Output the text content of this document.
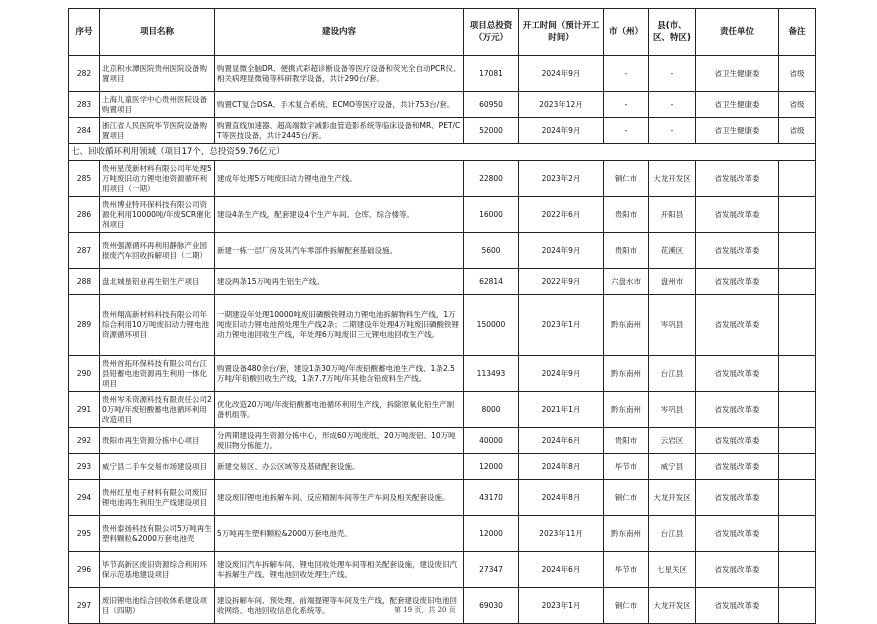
序号	项目名称	建设内容	项目总投资（万元）	开工时间（预计开工时间）	市（州）	县(市、区、特区)	责任单位	备注
282	北京积水潭医院贵州医院设备购置项目	购置显微全脑DR、便携式彩超诊断设备等医疗设备和荧光全自动PCR仪、相关病理显微镜等科研教学设备，共计290台/套。	17081	2024年9月	-	-	省卫生健康委	省级
283	上海儿童医学中心贵州医院设备购置项目	购置CT复合DSA、手术复合系统、ECMO等医疗设备，共计753台/套。	60950	2023年12月	-	-	省卫生健康委	省级
284	浙江省人民医院毕节医院设备购置项目	购置直线加速器、超高端数字减影血管造影系统等临床设备和MR、PET/CT等医技设备，共计2445台/套。	52000	2024年9月	-	-	省卫生健康委	省级
七、回收循环利用领域（项目17个，总投资59.76亿元）								
285	贵州星茂新材料有限公司年处理5万吨废旧动力锂电池资源循环利用项目（一期）	建成年处理5万吨废旧动力锂电池生产线。	22800	2023年2月	铜仁市	大龙开发区	省发展改革委	
286	贵州博业特环保科技有限公司资源化利用10000吨/年废SCR催化剂项目	建设4条生产线，配套建设4个生产车间、仓库、综合楼等。	16000	2022年6月	贵阳市	开阳县	省发展改革委	
287	贵州强源循环再利用静脉产业园报废汽车回收拆解项目（二期）	新建一栋一层厂房及其汽车零部件拆解配套基础设施。	5600	2024年9月	贵阳市	花溪区	省发展改革委	
288	盘北城垦铝业再生铝生产项目	建设两条15万吨再生铝生产线。	62814	2022年9月	六盘水市	盘州市	省发展改革委	
289	贵州翔高新材料科技有限公司年综合利用10万吨废旧动力锂电池资源循环项目	一期建设年处理10000吨废旧磷酸铁锂动力锂电池拆解物料生产线，1万吨废旧动力锂电池预处理生产线2条；二期建设年处理4万吨废旧磷酸铁锂动力锂电池回收生产线，年处理6万吨废旧三元锂电池回收生产线。	150000	2023年1月	黔东南州	岑巩县	省发展改革委	
290	贵州首拓环保科技有限公司台江县铅蓄电池资源再生利用一体化项目	购置设备480余台/套，建设1条30万吨/年废铅酸蓄电池生产线、1条2.5万吨/年铅酸回收生产线，1条7.7万吨/年其他含铅废料生产线。	113493	2024年9月	黔东南州	台江县	省发展改革委	
291	贵州岑禾资源科技有限责任公司20万吨/年废铅酸蓄电池循环利用改造项目	优化改造20万吨/年废铅酸蓄电池循环利用生产线，拆除原氧化铅生产制备机组等。	8000	2021年1月	黔东南州	岑巩县	省发展改革委	
292	贵阳市再生资源分拣中心项目	分两期建设再生资源分拣中心，形成60万吨废纸、20万吨废铝、10万吨废旧物分拣能力。	40000	2024年6月	贵阳市	云岩区	省发展改革委	
293	威宁县二手车交易市场建设项目	新建交易区、办公区域等及基础配套设施。	12000	2024年8月	毕节市	威宁县	省发展改革委	
294	贵州红星电子材料有限公司废旧锂电池再生利用生产线建设项目	建设废旧锂电池拆解车间、反应精制车间等生产车间及相关配套设施。	43170	2024年8月	铜仁市	大龙开发区	省发展改革委	
295	贵州泰扬科技有限公司5万吨再生塑料颗粒&2000万套电池壳	5万吨再生塑料颗粒&2000万套电池壳。	12000	2023年11月	黔东南州	台江县	省发展改革委	
296	毕节高新区废旧资源综合利用环保示范基地建设项目	建设废旧汽车拆解车间、锂电回收处理车间等相关配套设施，建设废旧汽车拆解生产线、锂电池回收处理生产线。	27347	2024年6月	毕节市	七星关区	省发展改革委	
297	废旧锂电池综合回收体系建设项目（四期）	建设拆解车间、预处理、前端提锂等车间及生产线，配套建设废旧电池回收网络、电池回收信息化系统等。	69030	2023年1月	铜仁市	大龙开发区	省发展改革委	
第 19 页，共 20 页
